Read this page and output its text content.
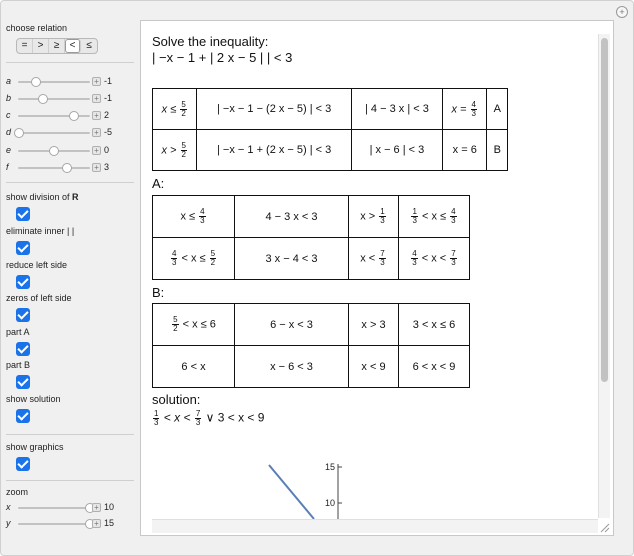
+
choose relation
=	>	≥	<	≤
a	+ -1
b	+ -1
c	+ 2
d	+ -5
e	+ 0
f	+ 3
show division of R
eliminate inner | |
reduce left side
zeros of left side
part A
part B
show solution
show graphics
zoom
x	+ 10
y	+ 15
Solve the inequality:
| −x − 1 + | 2 x − 5 | | < 3
$x \le \frac{5}{2}$	| −x − 1 − (2 x − 5) | < 3	| 4 − 3 x | < 3	$x = \frac{4}{3}$	A
$x > \frac{5}{2}$	| −x − 1 + (2 x − 5) | < 3	| x − 6 | < 3	x = 6	B
A:
$x \le \frac{4}{3}$	4 − 3 x < 3	$x > \frac{1}{3}$	$\frac{1}{3} < x \le \frac{4}{3}$

$\frac{4}{3} < x \le \frac{5}{2}$	3 x − 4 < 3	$x < \frac{7}{3}$	$\frac{4}{3} < x < \frac{7}{3}$
B:
$\frac{5}{2} < x \le 6$	6 − x < 3	x > 3	3 < x ≤ 6
6 < x	x − 6 < 3	x < 9	6 < x < 9
solution:
$\frac{1}{3} < x < \frac{7}{3}$ ∨ 3 < x < 9
15
10
